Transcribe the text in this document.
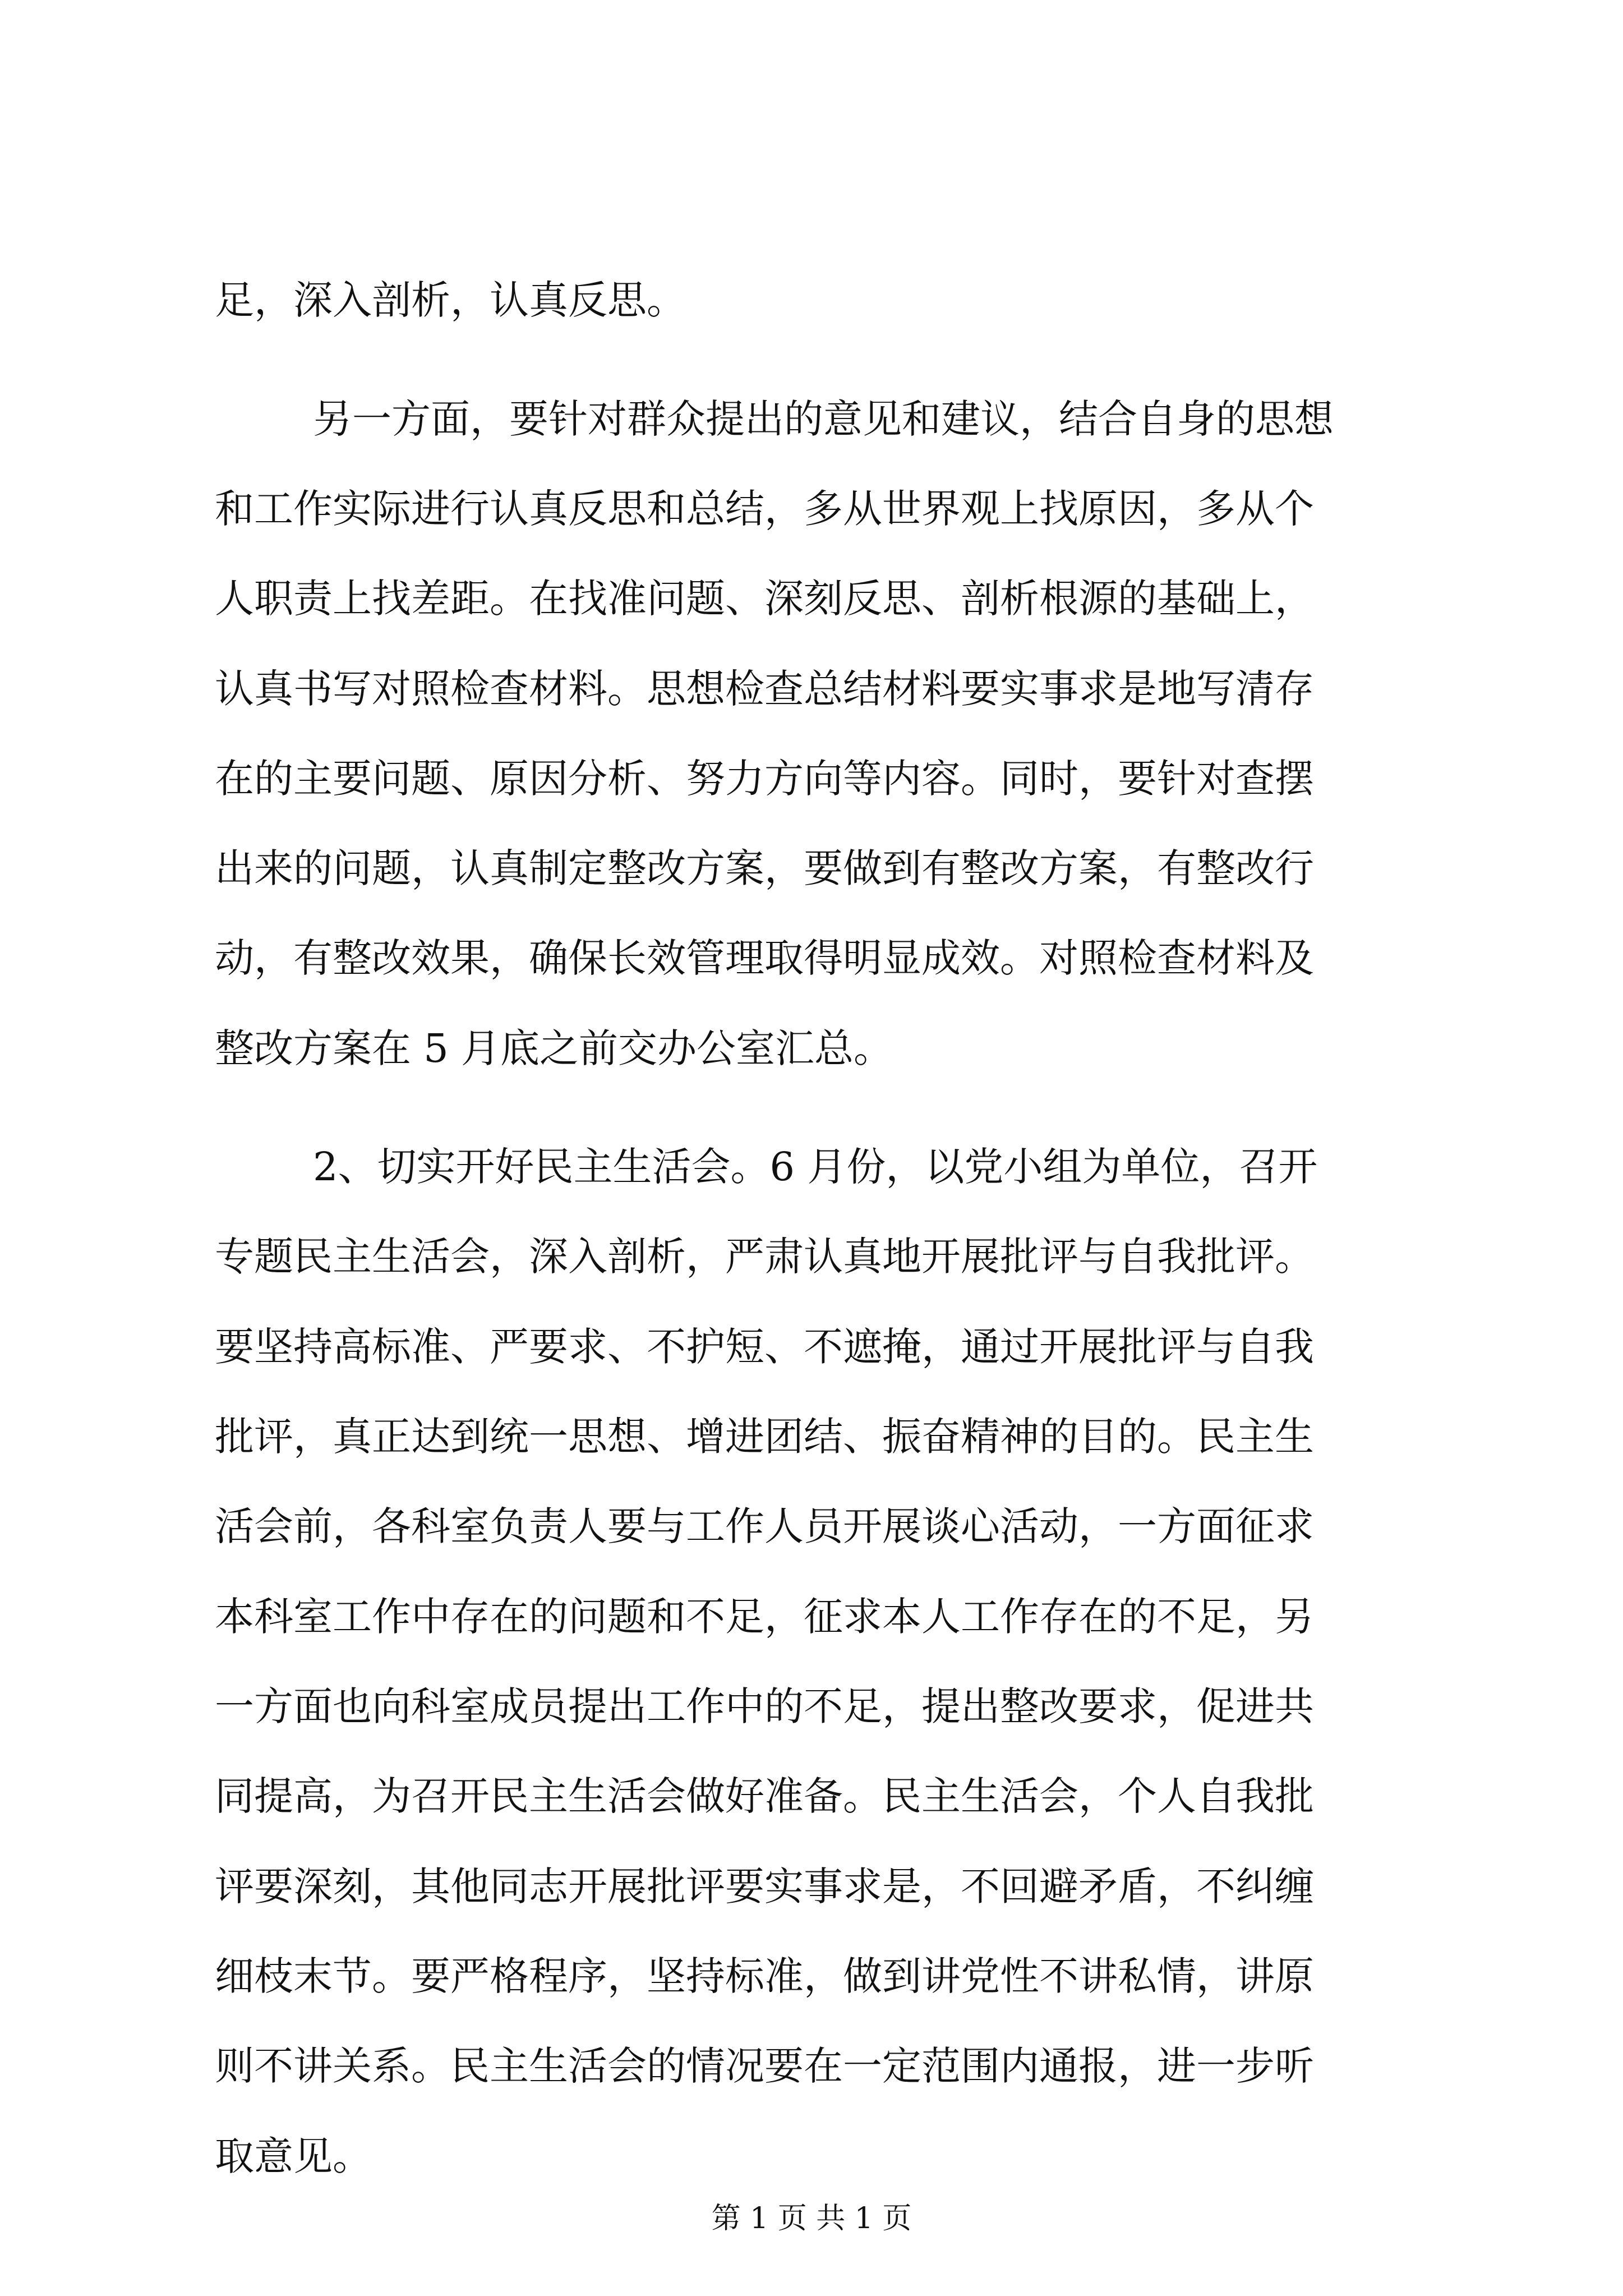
足，深入剖析，认真反思。
另一方面，要针对群众提出的意见和建议，结合自身的思想
和工作实际进行认真反思和总结，多从世界观上找原因，多从个
人职责上找差距。在找准问题、深刻反思、剖析根源的基础上，
认真书写对照检查材料。思想检查总结材料要实事求是地写清存
在的主要问题、原因分析、努力方向等内容。同时，要针对查摆
出来的问题，认真制定整改方案，要做到有整改方案，有整改行
动，有整改效果，确保长效管理取得明显成效。对照检查材料及
整改方案在 5 月底之前交办公室汇总。
2、切实开好民主生活会。6 月份，以党小组为单位，召开
专题民主生活会，深入剖析，严肃认真地开展批评与自我批评。
要坚持高标准、严要求、不护短、不遮掩，通过开展批评与自我
批评，真正达到统一思想、增进团结、振奋精神的目的。民主生
活会前，各科室负责人要与工作人员开展谈心活动，一方面征求
本科室工作中存在的问题和不足，征求本人工作存在的不足，另
一方面也向科室成员提出工作中的不足，提出整改要求，促进共
同提高，为召开民主生活会做好准备。民主生活会，个人自我批
评要深刻，其他同志开展批评要实事求是，不回避矛盾，不纠缠
细枝末节。要严格程序，坚持标准，做到讲党性不讲私情，讲原
则不讲关系。民主生活会的情况要在一定范围内通报，进一步听
取意见。
第 1 页 共 1 页
